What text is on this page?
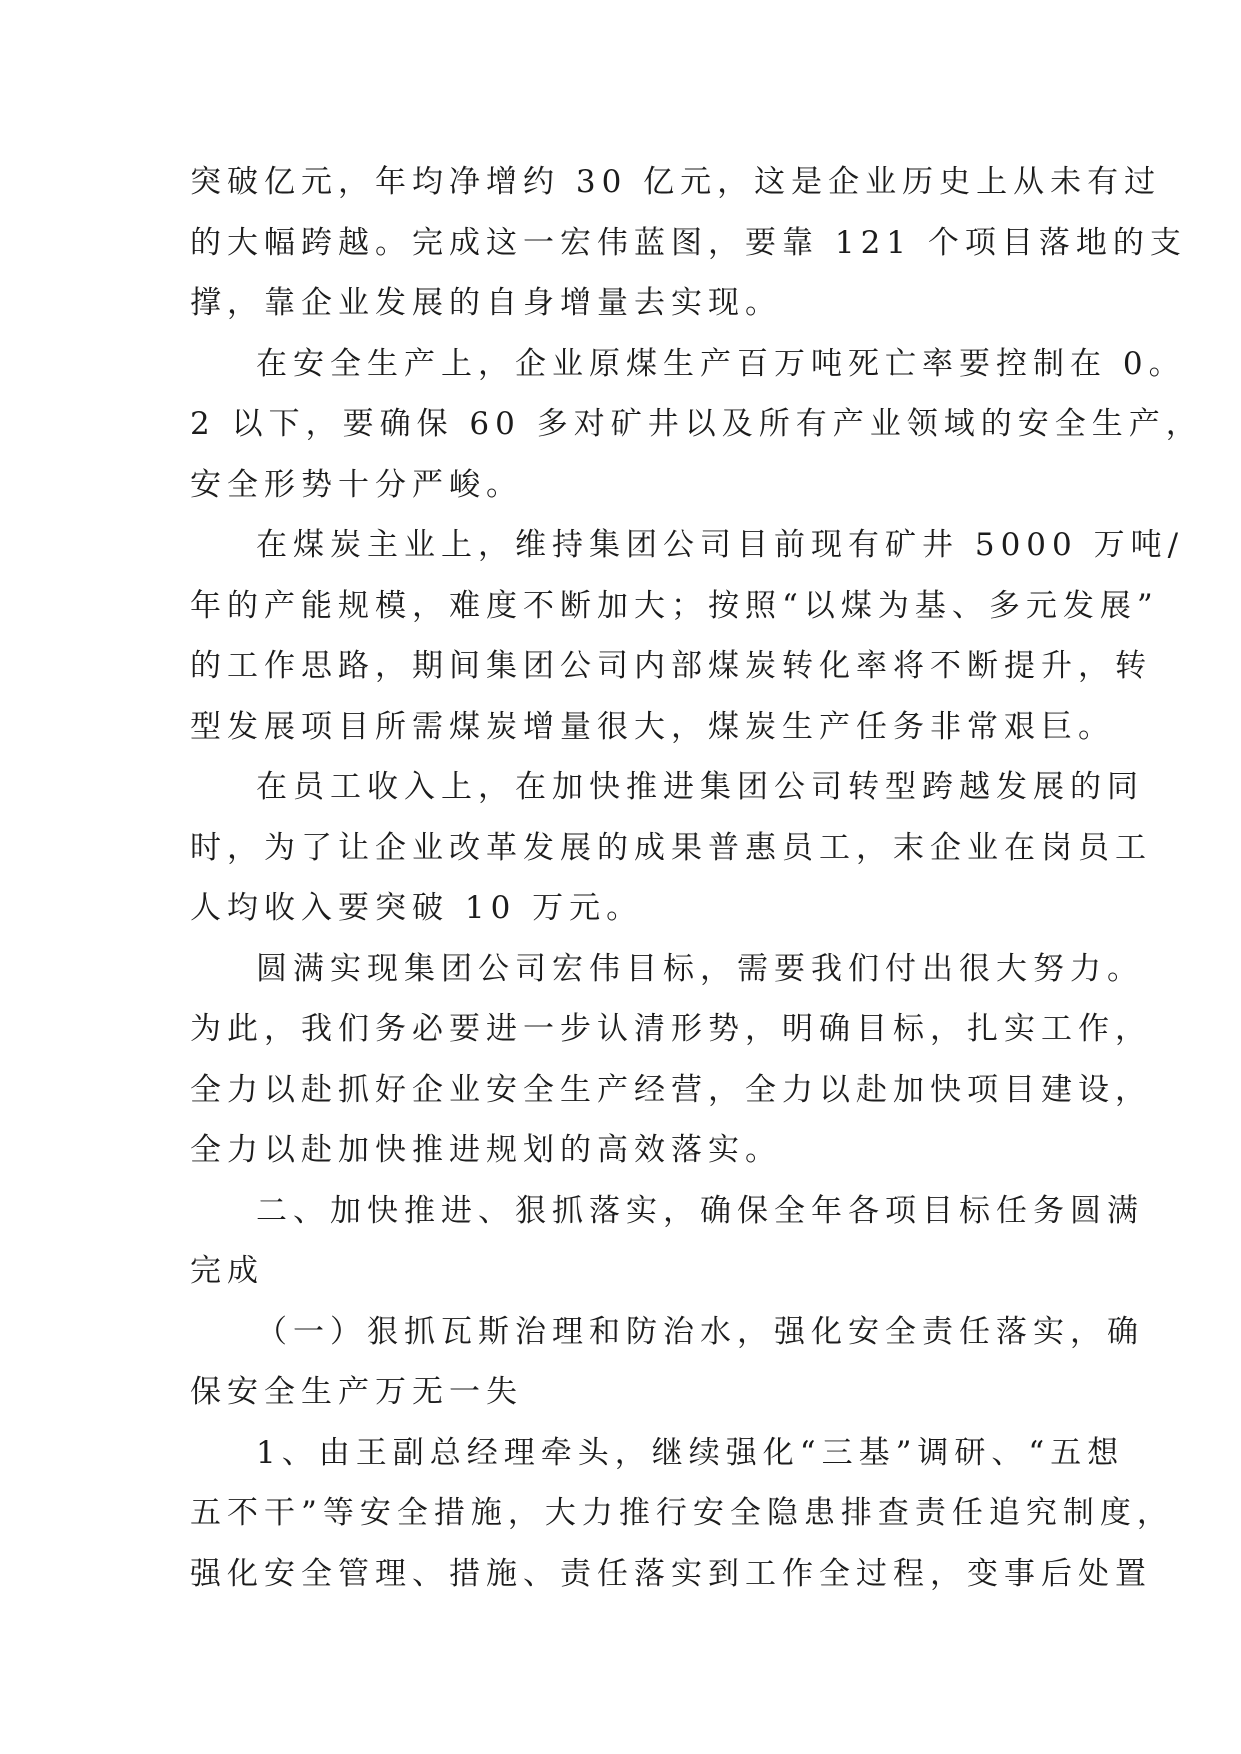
突破亿元，年均净增约 30 亿元，这是企业历史上从未有过
的大幅跨越。完成这一宏伟蓝图，要靠 121 个项目落地的支
撑，靠企业发展的自身增量去实现。
在安全生产上，企业原煤生产百万吨死亡率要控制在 0。
2 以下，要确保 60 多对矿井以及所有产业领域的安全生产，
安全形势十分严峻。
在煤炭主业上，维持集团公司目前现有矿井 5000 万吨/
年的产能规模，难度不断加大；按照“以煤为基、多元发展”
的工作思路，期间集团公司内部煤炭转化率将不断提升，转
型发展项目所需煤炭增量很大，煤炭生产任务非常艰巨。
在员工收入上，在加快推进集团公司转型跨越发展的同
时，为了让企业改革发展的成果普惠员工，末企业在岗员工
人均收入要突破 10 万元。
圆满实现集团公司宏伟目标，需要我们付出很大努力。
为此，我们务必要进一步认清形势，明确目标，扎实工作，
全力以赴抓好企业安全生产经营，全力以赴加快项目建设，
全力以赴加快推进规划的高效落实。
二、加快推进、狠抓落实，确保全年各项目标任务圆满
完成
（一）狠抓瓦斯治理和防治水，强化安全责任落实，确
保安全生产万无一失
1、由王副总经理牵头，继续强化“三基”调研、“五想
五不干”等安全措施，大力推行安全隐患排查责任追究制度，
强化安全管理、措施、责任落实到工作全过程，变事后处置
